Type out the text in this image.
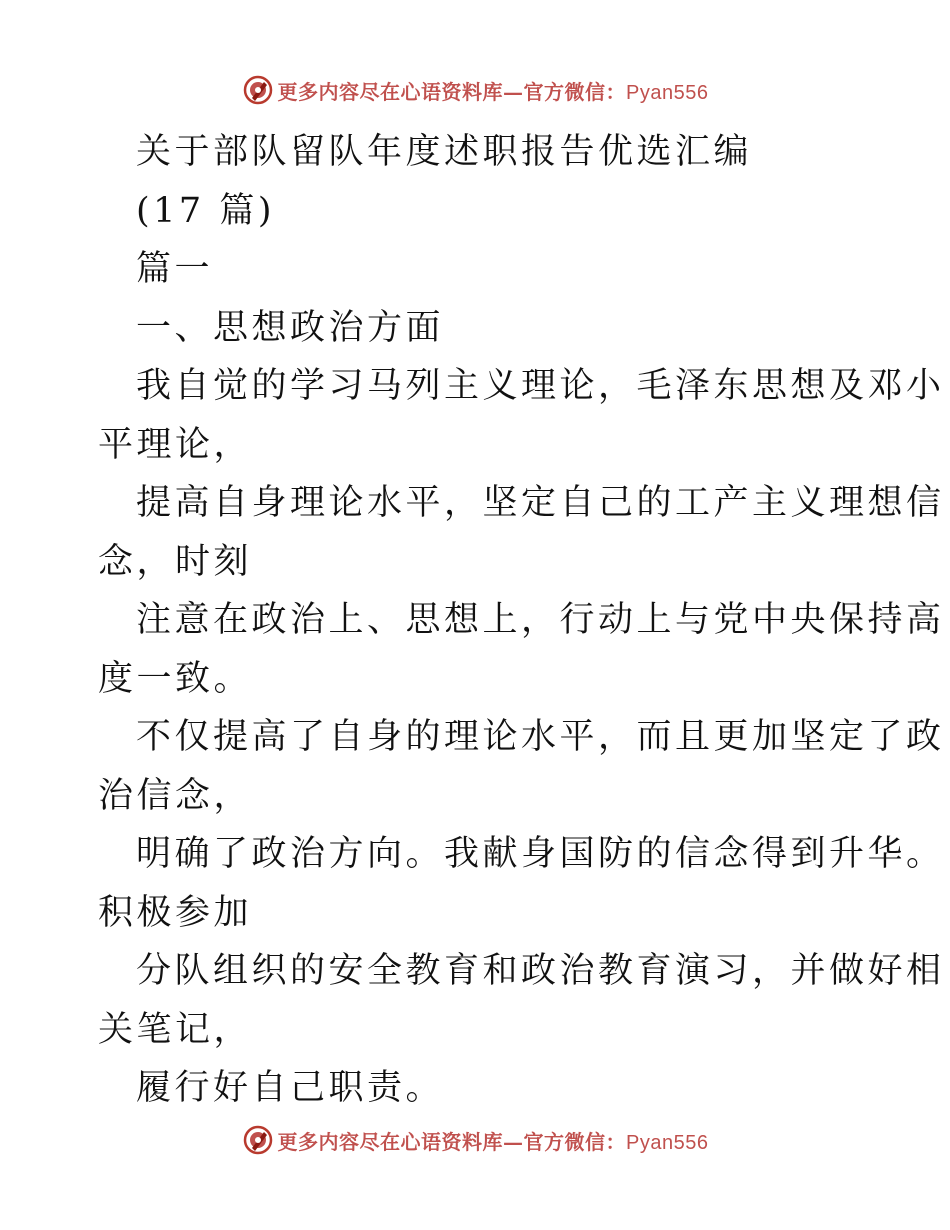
更多内容尽在心语资料库—官方微信：Pyan556
关于部队留队年度述职报告优选汇编
(17 篇)
篇一
一、思想政治方面
我自觉的学习马列主义理论，毛泽东思想及邓小
平理论，
提高自身理论水平，坚定自己的工产主义理想信
念，时刻
注意在政治上、思想上，行动上与党中央保持高
度一致。
不仅提高了自身的理论水平，而且更加坚定了政
治信念，
明确了政治方向。我献身国防的信念得到升华。
积极参加
分队组织的安全教育和政治教育演习，并做好相
关笔记，
履行好自己职责。
更多内容尽在心语资料库—官方微信：Pyan556
